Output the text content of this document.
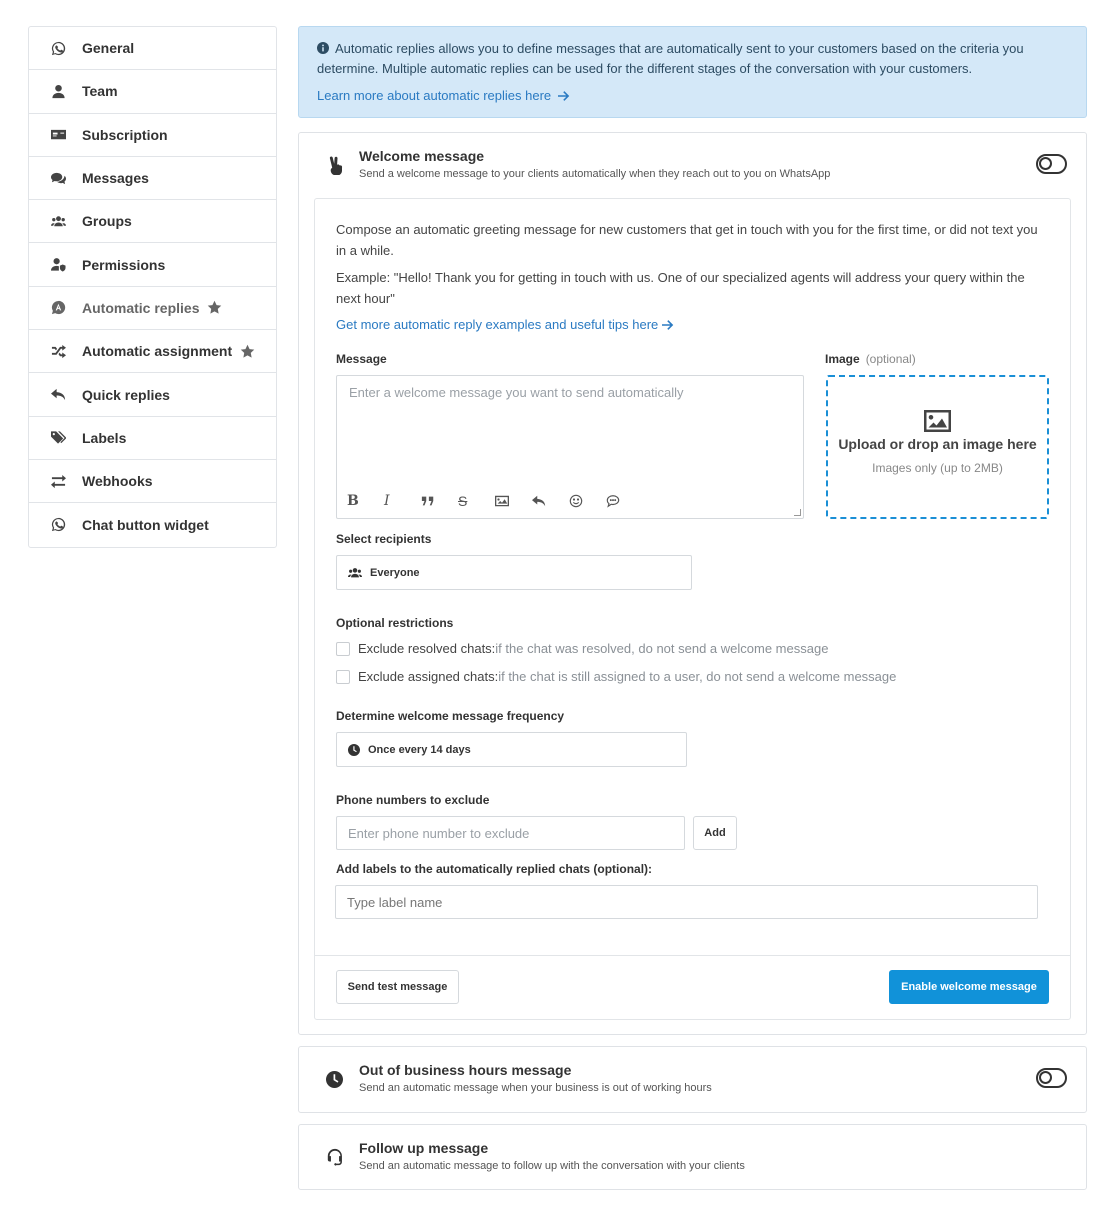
General
Team
Subscription
Messages
Groups
Permissions
Automatic replies
Automatic assignment
Quick replies
Labels
Webhooks
Chat button widget
Automatic replies allows you to define messages that are automatically sent to your customers based on the criteria you determine. Multiple automatic replies can be used for the different stages of the conversation with your customers.
Learn more about automatic replies here
Welcome message
Send a welcome message to your clients automatically when they reach out to you on WhatsApp

Compose an automatic greeting message for new customers that get in touch with you for the first time, or did not text you in a while.

Example: "Hello! Thank you for getting in touch with us. One of our specialized agents will address your query within the next hour"

Get more automatic reply examples and useful tips here
Message	Image (optional)
Enter a welcome message you want to send automatically
B	I	S
Upload or drop an image here
Images only (up to 2MB)
Select recipients
Everyone
Optional restrictions
Exclude resolved chats: if the chat was resolved, do not send a welcome message
Exclude assigned chats: if the chat is still assigned to a user, do not send a welcome message
Determine welcome message frequency
Once every 14 days
Phone numbers to exclude
Enter phone number to exclude	Add
Add labels to the automatically replied chats (optional):
Type label name
Send test message	Enable welcome message
Out of business hours message
Send an automatic message when your business is out of working hours
Follow up message
Send an automatic message to follow up with the conversation with your clients
